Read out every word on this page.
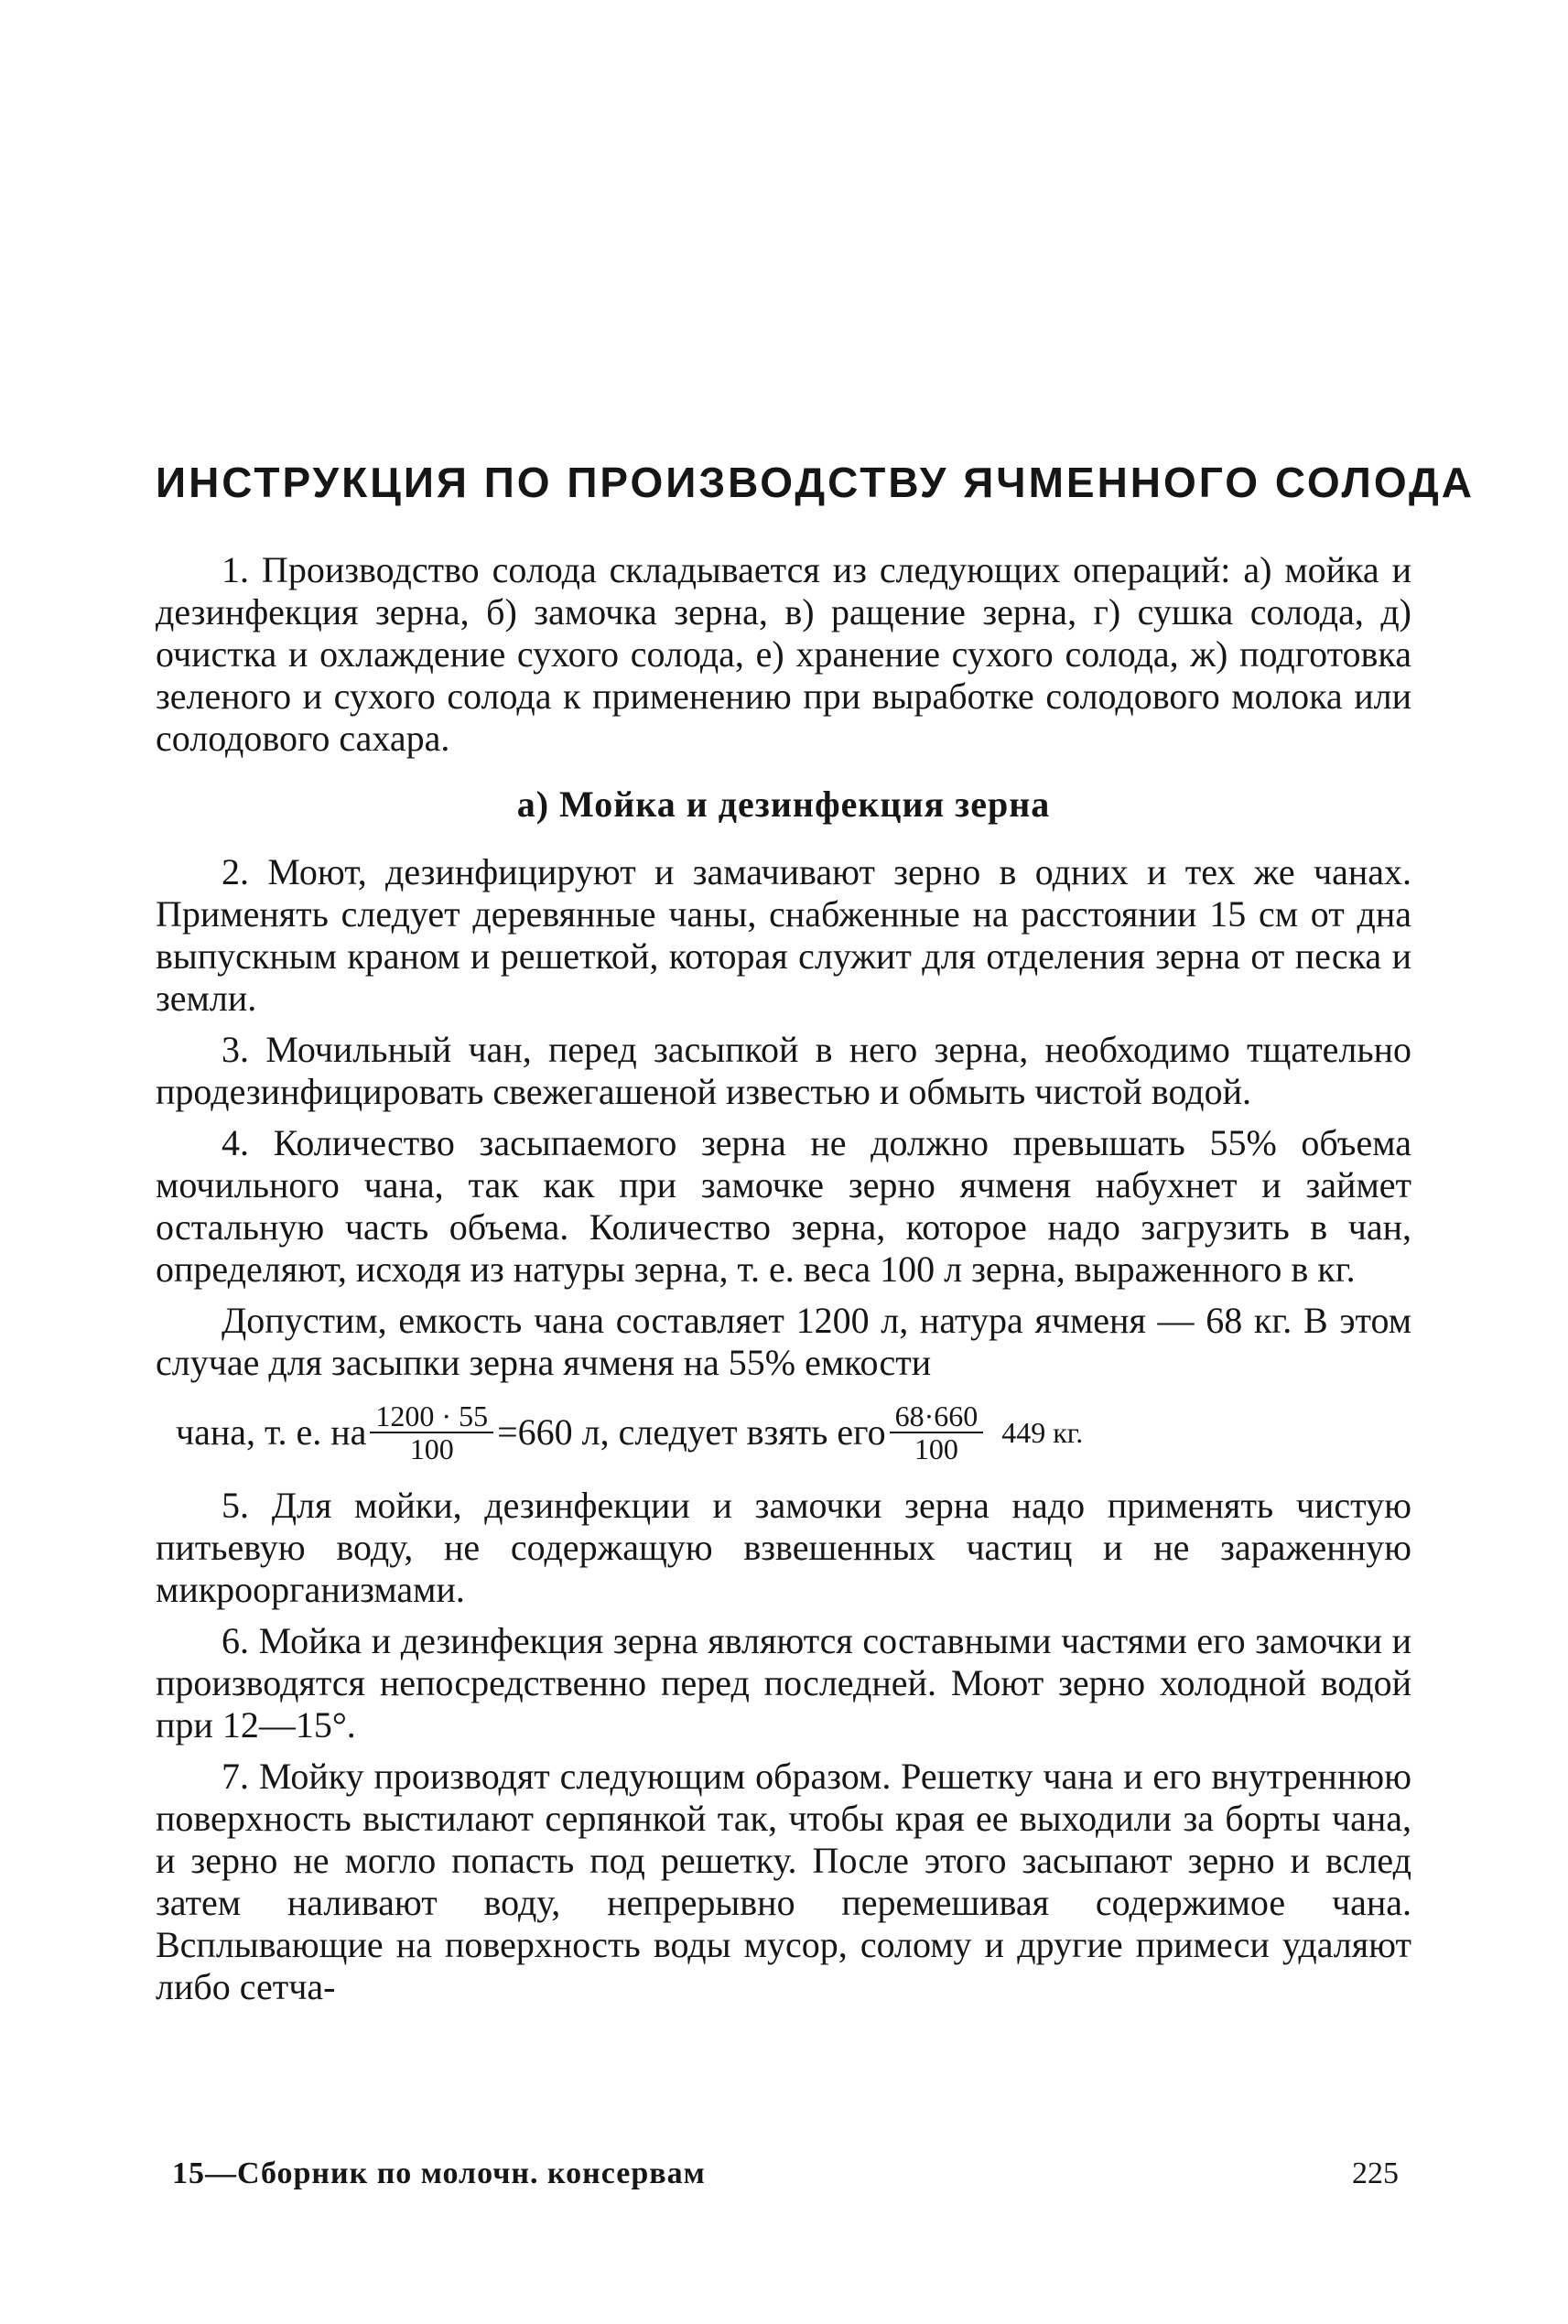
ИНСТРУКЦИЯ ПО ПРОИЗВОДСТВУ ЯЧМЕННОГО СОЛОДА

1. Производство солода складывается из следующих операций: а) мойка и дезинфекция зерна, б) замочка зерна, в) ращение зерна, г) сушка солода, д) очистка и охлаждение сухого солода, е) хранение сухого солода, ж) подготовка зеленого и сухого солода к применению при выработке солодового молока или солодового сахара.

а) Мойка и дезинфекция зерна

2. Моют, дезинфицируют и замачивают зерно в одних и тех же чанах. Применять следует деревянные чаны, снабженные на расстоянии 15 см от дна выпускным краном и решеткой, которая служит для отделения зерна от песка и земли.

3. Мочильный чан, перед засыпкой в него зерна, необходимо тщательно продезинфицировать свежегашеной известью и обмыть чистой водой.

4. Количество засыпаемого зерна не должно превышать 55% объема мочильного чана, так как при замочке зерно ячменя набухнет и займет остальную часть объема. Количество зерна, которое надо загрузить в чан, определяют, исходя из натуры зерна, т. е. веса 100 л зерна, выраженного в кг.

Допустим, емкость чана составляет 1200 л, натура ячменя — 68 кг. В этом случае для засыпки зерна ячменя на 55% емкости

чана, т. е. на $\frac{1200 \cdot 55}{100} =660$ л, следует взять его $\frac{68\cdot 660}{100} 449$ кг.

5. Для мойки, дезинфекции и замочки зерна надо применять чистую питьевую воду, не содержащую взвешенных частиц и не зараженную микроорганизмами.

6. Мойка и дезинфекция зерна являются составными частями его замочки и производятся непосредственно перед последней. Моют зерно холодной водой при 12—15°.

7. Мойку производят следующим образом. Решетку чана и его внутреннюю поверхность выстилают серпянкой так, чтобы края ее выходили за борты чана, и зерно не могло попасть под решетку. После этого засыпают зерно и вслед затем наливают воду, непрерывно перемешивая содержимое чана. Всплывающие на поверхность воды мусор, солому и другие примеси удаляют либо сетча-

15—Сборник по молочн. консервам	225
